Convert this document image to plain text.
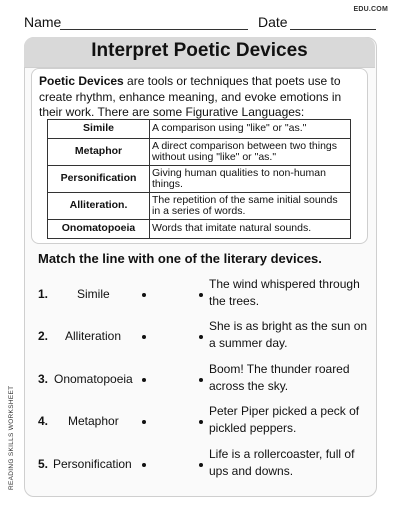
Name	Date
EDU.COM
Interpret Poetic Devices
Poetic Devices are tools or techniques that poets use to create rhythm, enhance meaning, and evoke emotions in their work. There are some Figurative Languages:
Simile	A comparison using "like" or "as."
Metaphor	A direct comparison between two things without using "like" or "as."
Personification	Giving human qualities to non-human things.
Alliteration.	The repetition of the same initial sounds in a series of words.
Onomatopoeia	Words that imitate natural sounds.
Match the line with one of the literary devices.
1. Simile
The wind whispered through the trees.
2. Alliteration
She is as bright as the sun on a summer day.
3. Onomatopoeia
Boom! The thunder roared across the sky.
4. Metaphor
Peter Piper picked a peck of pickled peppers.
5. Personification
Life is a rollercoaster, full of ups and downs.
READING SKILLS WORKSHEET
